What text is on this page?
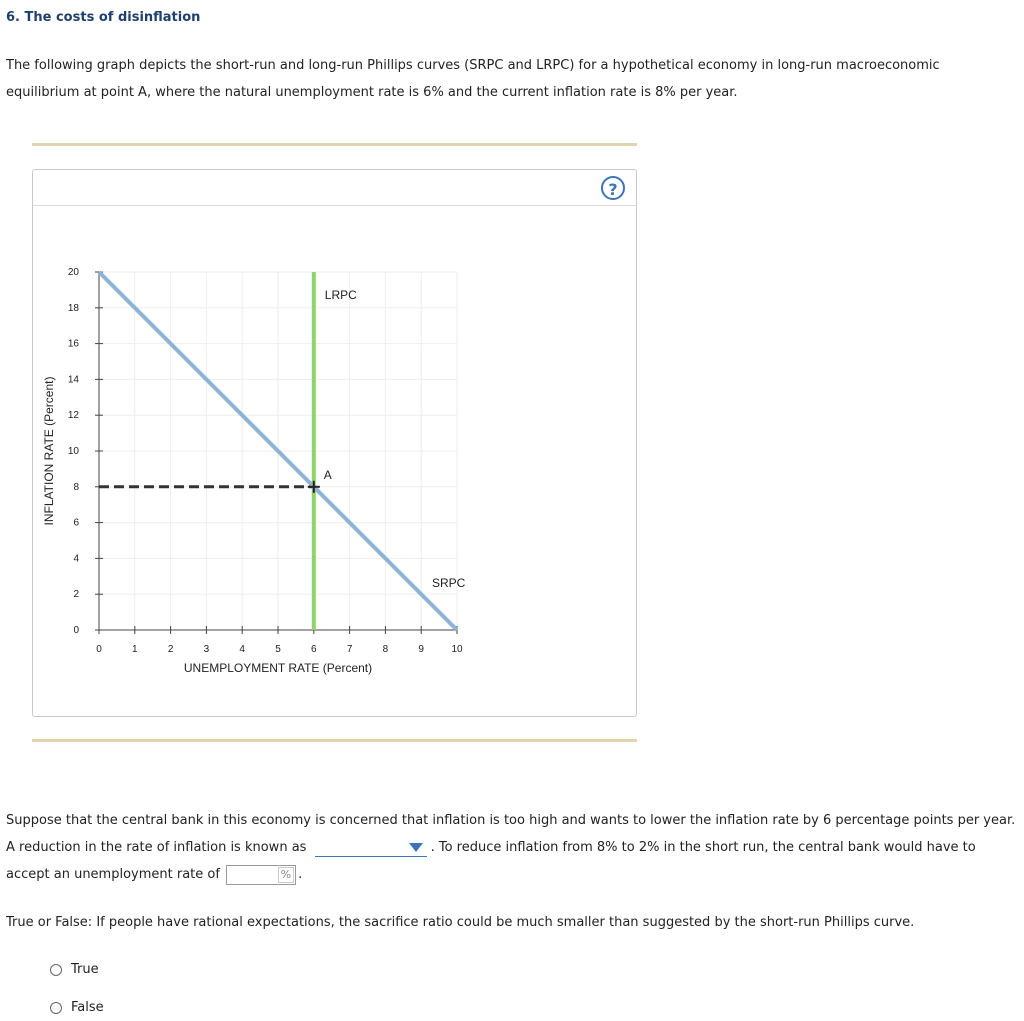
6. The costs of disinflation
The following graph depicts the short-run and long-run Phillips curves (SRPC and LRPC) for a hypothetical economy in long-run macroeconomic equilibrium at point A, where the natural unemployment rate is 6% and the current inflation rate is 8% per year.
?
0	1	2	3	4	5	6	7	8	9	10
0
2
4
6
8
10
12
14
16
18
20
UNEMPLOYMENT RATE (Percent)
INFLATION RATE (Percent)
LRPC
SRPC
A
Suppose that the central bank in this economy is concerned that inflation is too high and wants to lower the inflation rate by 6 percentage points per year. A reduction in the rate of inflation is known as	. To reduce inflation from 8% to 2% in the short run, the central bank would have to accept an unemployment rate of	% .
True or False: If people have rational expectations, the sacrifice ratio could be much smaller than suggested by the short-run Phillips curve.
True
False
